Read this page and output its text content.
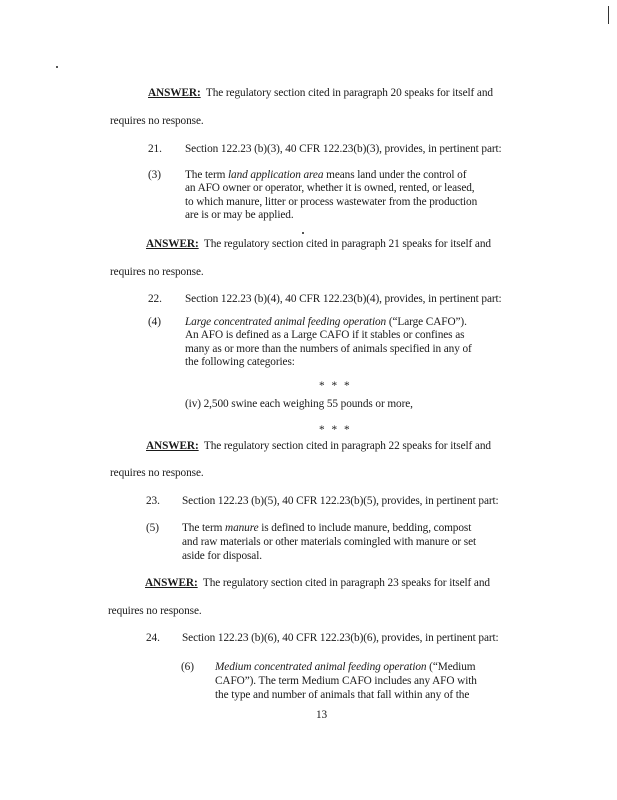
ANSWER: The regulatory section cited in paragraph 20 speaks for itself and
requires no response.
21. Section 122.23 (b)(3), 40 CFR 122.23(b)(3), provides, in pertinent part:
(3) The term land application area means land under the control of
an AFO owner or operator, whether it is owned, rented, or leased,
to which manure, litter or process wastewater from the production
are is or may be applied.
ANSWER: The regulatory section cited in paragraph 21 speaks for itself and
requires no response.
22. Section 122.23 (b)(4), 40 CFR 122.23(b)(4), provides, in pertinent part:
(4) Large concentrated animal feeding operation (“Large CAFO”).
An AFO is defined as a Large CAFO if it stables or confines as
many as or more than the numbers of animals specified in any of
the following categories:
* * *
(iv) 2,500 swine each weighing 55 pounds or more,
* * *
ANSWER: The regulatory section cited in paragraph 22 speaks for itself and
requires no response.
23. Section 122.23 (b)(5), 40 CFR 122.23(b)(5), provides, in pertinent part:
(5) The term manure is defined to include manure, bedding, compost
and raw materials or other materials comingled with manure or set
aside for disposal.
ANSWER: The regulatory section cited in paragraph 23 speaks for itself and
requires no response.
24. Section 122.23 (b)(6), 40 CFR 122.23(b)(6), provides, in pertinent part:
(6) Medium concentrated animal feeding operation (“Medium
CAFO”). The term Medium CAFO includes any AFO with
the type and number of animals that fall within any of the
13
